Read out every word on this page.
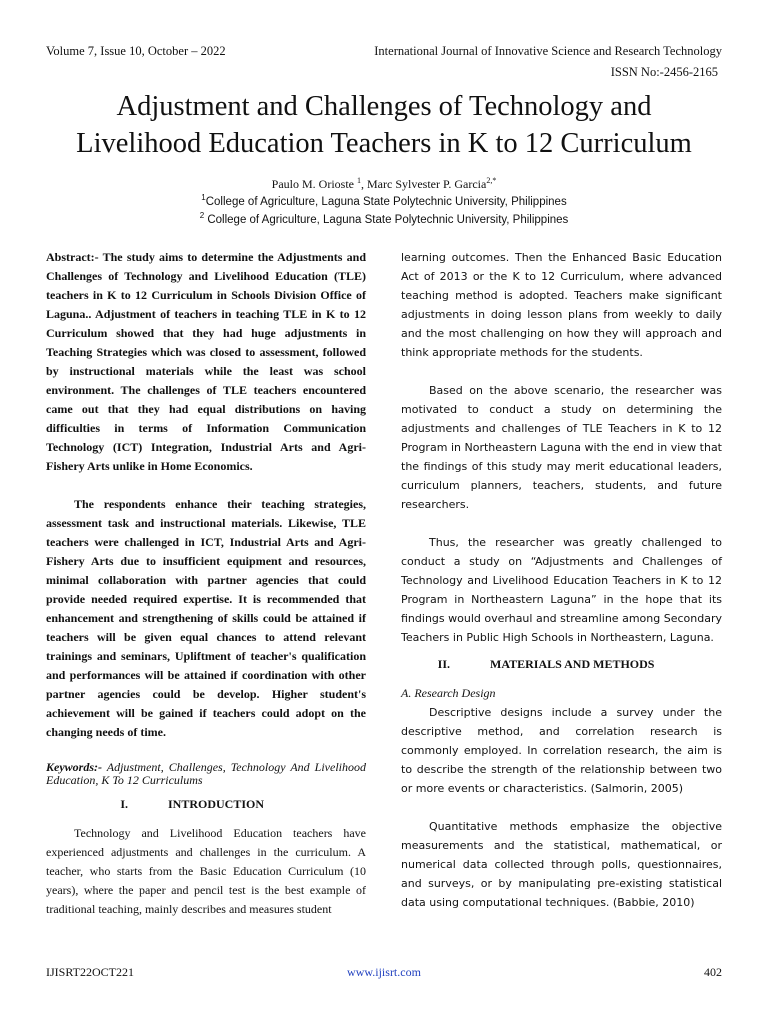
Volume 7, Issue 10, October – 2022	International Journal of Innovative Science and Research Technology
ISSN No:-2456-2165
Adjustment and Challenges of Technology and
Livelihood Education Teachers in K to 12 Curriculum
Paulo M. Orioste $^1$, Marc Sylvester P. Garcia$^{2,*}$
$^1$College of Agriculture, Laguna State Polytechnic University, Philippines
$^2$ College of Agriculture, Laguna State Polytechnic University, Philippines

Abstract:- The study aims to determine the Adjustments and Challenges of Technology and Livelihood Education (TLE) teachers in K to 12 Curriculum in Schools Division Office of Laguna.. Adjustment of teachers in teaching TLE in K to 12 Curriculum showed that they had huge adjustments in Teaching Strategies which was closed to assessment, followed by instructional materials while the least was school environment. The challenges of TLE teachers encountered came out that they had equal distributions on having difficulties in terms of Information Communication Technology (ICT) Integration, Industrial Arts and Agri-Fishery Arts unlike in Home Economics.

The respondents enhance their teaching strategies, assessment task and instructional materials. Likewise, TLE teachers were challenged in ICT, Industrial Arts and Agri-Fishery Arts due to insufficient equipment and resources, minimal collaboration with partner agencies that could provide needed required expertise. It is recommended that enhancement and strengthening of skills could be attained if teachers will be given equal chances to attend relevant trainings and seminars, Upliftment of teacher's qualification and performances will be attained if coordination with other partner agencies could be develop. Higher student's achievement will be gained if teachers could adopt on the changing needs of time.

Keywords:- Adjustment, Challenges, Technology And Livelihood Education, K To 12 Curriculums

I.	INTRODUCTION

Technology and Livelihood Education teachers have experienced adjustments and challenges in the curriculum. A teacher, who starts from the Basic Education Curriculum (10 years), where the paper and pencil test is the best example of traditional teaching, mainly describes and measures student

learning outcomes. Then the Enhanced Basic Education Act of 2013 or the K to 12 Curriculum, where advanced teaching method is adopted. Teachers make significant adjustments in doing lesson plans from weekly to daily and the most challenging on how they will approach and think appropriate methods for the students.

Based on the above scenario, the researcher was motivated to conduct a study on determining the adjustments and challenges of TLE Teachers in K to 12 Program in Northeastern Laguna with the end in view that the findings of this study may merit educational leaders, curriculum planners, teachers, students, and future researchers.

Thus, the researcher was greatly challenged to conduct a study on “Adjustments and Challenges of Technology and Livelihood Education Teachers in K to 12 Program in Northeastern Laguna” in the hope that its findings would overhaul and streamline among Secondary Teachers in Public High Schools in Northeastern, Laguna.

II.	MATERIALS AND METHODS

A. Research Design

Descriptive designs include a survey under the descriptive method, and correlation research is commonly employed. In correlation research, the aim is to describe the strength of the relationship between two or more events or characteristics. (Salmorin, 2005)

Quantitative methods emphasize the objective measurements and the statistical, mathematical, or numerical data collected through polls, questionnaires, and surveys, or by manipulating pre-existing statistical data using computational techniques. (Babbie, 2010)

IJISRT22OCT221	www.ijisrt.com	402
